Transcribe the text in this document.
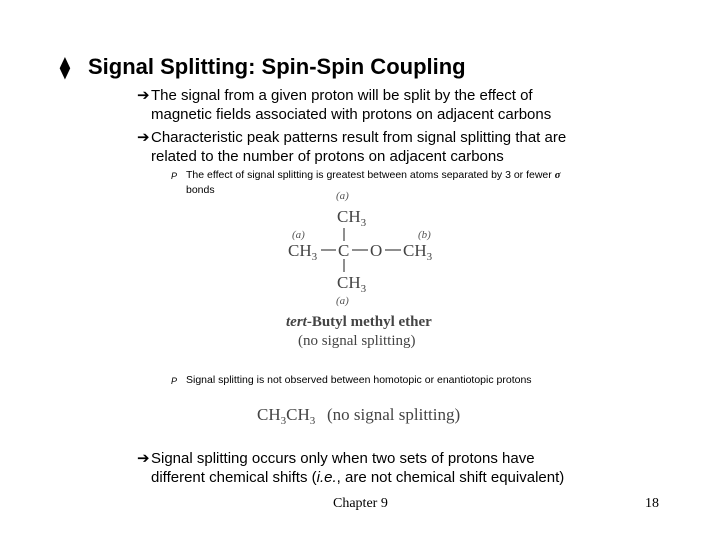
⧫ Signal Splitting: Spin-Spin Coupling
➔The signal from a given proton will be split by the effect of
magnetic fields associated with protons on adjacent carbons
➔Characteristic peak patterns result from signal splitting that are
related to the number of protons on adjacent carbons
P The effect of signal splitting is greatest between atoms separated by 3 or fewer σ
bonds	(a)
$CH_3$
(a)	(b)
$CH_3$ C O $CH_3$
$CH_3$
(a)
tert-Butyl methyl ether
(no signal splitting)
P Signal splitting is not observed between homotopic or enantiotopic protons
$CH_3CH_3$ (no signal splitting)
➔Signal splitting occurs only when two sets of protons have
different chemical shifts (i.e., are not chemical shift equivalent)
Chapter 9	18
